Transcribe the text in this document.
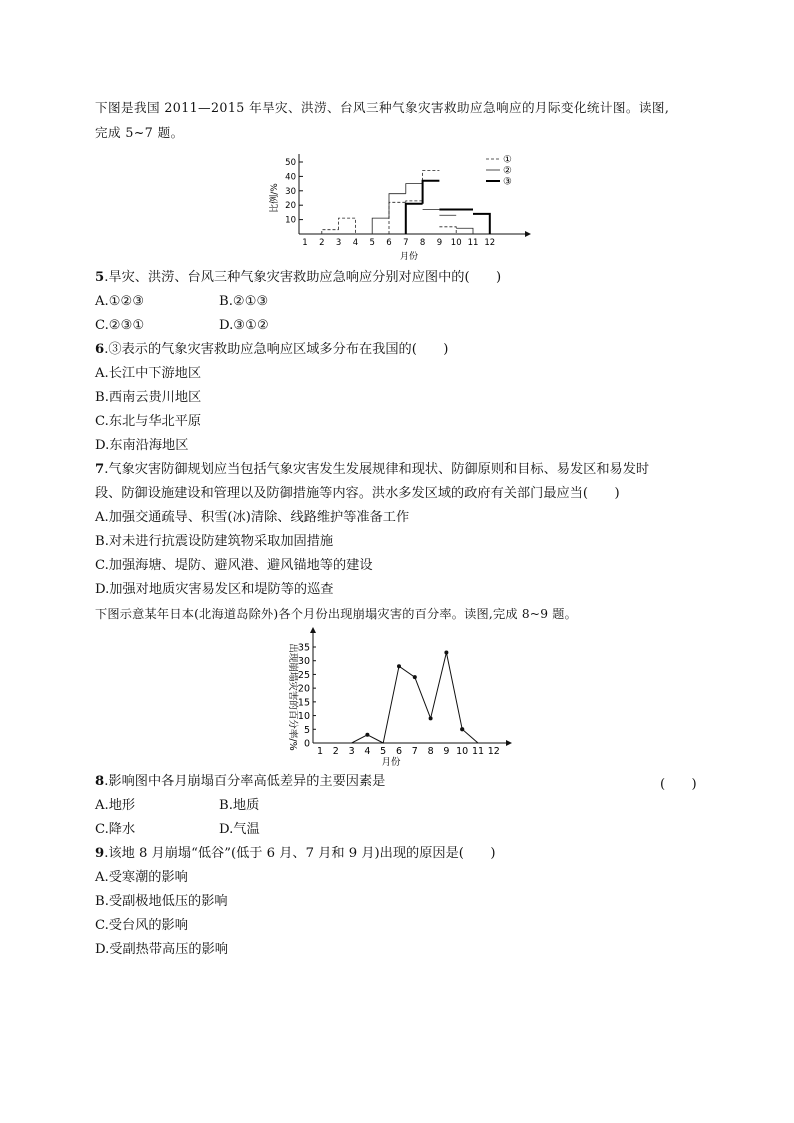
下图是我国 2011—2015 年旱灾、洪涝、台风三种气象灾害救助应急响应的月际变化统计图。读图,
完成 5~7 题。
10
20
30
40
50
1 2 3 4 5 6 7 8 9 10 11 12
①
②
③
比例/%
月份
5.旱灾、洪涝、台风三种气象灾害救助应急响应分别对应图中的(　　)
A.①②③	B.②①③
C.②③①	D.③①②
6.③表示的气象灾害救助应急响应区域多分布在我国的(　　)
A.长江中下游地区
B.西南云贵川地区
C.东北与华北平原
D.东南沿海地区
7.气象灾害防御规划应当包括气象灾害发生发展规律和现状、防御原则和目标、易发区和易发时
段、防御设施建设和管理以及防御措施等内容。洪水多发区域的政府有关部门最应当(　　)
A.加强交通疏导、积雪(冰)清除、线路维护等准备工作
B.对未进行抗震设防建筑物采取加固措施
C.加强海塘、堤防、避风港、避风锚地等的建设
D.加强对地质灾害易发区和堤防等的巡查
下图示意某年日本(北海道岛除外)各个月份出现崩塌灾害的百分率。读图,完成 8~9 题。
0
5
10
15
20
25
30
35
1 2 3 4 5 6 7 8 9 10 11 12
出现崩塌灾害的百分率/%
月份
8.影响图中各月崩塌百分率高低差异的主要因素是	(　　)
A.地形	B.地质
C.降水	D.气温
9.该地 8 月崩塌“低谷”(低于 6 月、7 月和 9 月)出现的原因是(　　)
A.受寒潮的影响
B.受副极地低压的影响
C.受台风的影响
D.受副热带高压的影响
